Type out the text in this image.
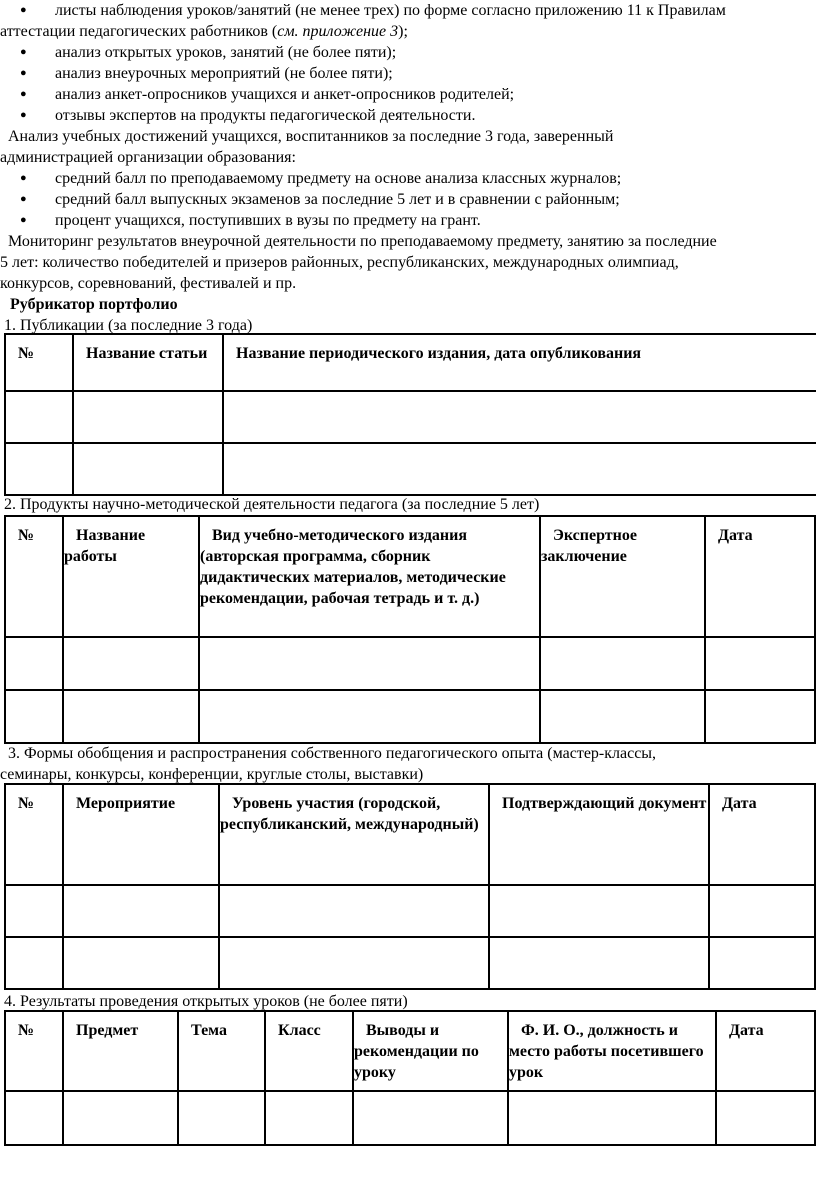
●
листы наблюдения уроков/занятий (не менее трех) по форме согласно приложению 11 к Правилам
аттестации педагогических работников (см. приложение 3);
●
анализ открытых уроков, занятий (не более пяти);
●
анализ внеурочных мероприятий (не более пяти);
●
анализ анкет-опросников учащихся и анкет-опросников родителей;
●
отзывы экспертов на продукты педагогической деятельности.
Анализ учебных достижений учащихся, воспитанников за последние 3 года, заверенный
администрацией организации образования:
●
средний балл по преподаваемому предмету на основе анализа классных журналов;
●
средний балл выпускных экзаменов за последние 5 лет и в сравнении с районным;
●
процент учащихся, поступивших в вузы по предмету на грант.
Мониторинг результатов внеурочной деятельности по преподаваемому предмету, занятию за последние
5 лет: количество победителей и призеров районных, республиканских, международных олимпиад,
конкурсов, соревнований, фестивалей и пр.
Рубрикатор портфолио
1. Публикации (за последние 3 года)
№	Название статьи	Название периодического издания, дата опубликования

2. Продукты научно-методической деятельности педагога (за последние 5 лет)
№	Название работы	Вид учебно-методического издания (авторская программа, сборник дидактических материалов, методические рекомендации, рабочая тетрадь и т. д.)	Экспертное заключение	Дата

3. Формы обобщения и распространения собственного педагогического опыта (мастер-классы,
семинары, конкурсы, конференции, круглые столы, выставки)
№	Мероприятие	Уровень участия (городской, республиканский, международный)	Подтверждающий документ	Дата

4. Результаты проведения открытых уроков (не более пяти)
№	Предмет	Тема	Класс	Выводы и рекомендации по уроку	Ф. И. О., должность и место работы посетившего урок	Дата
